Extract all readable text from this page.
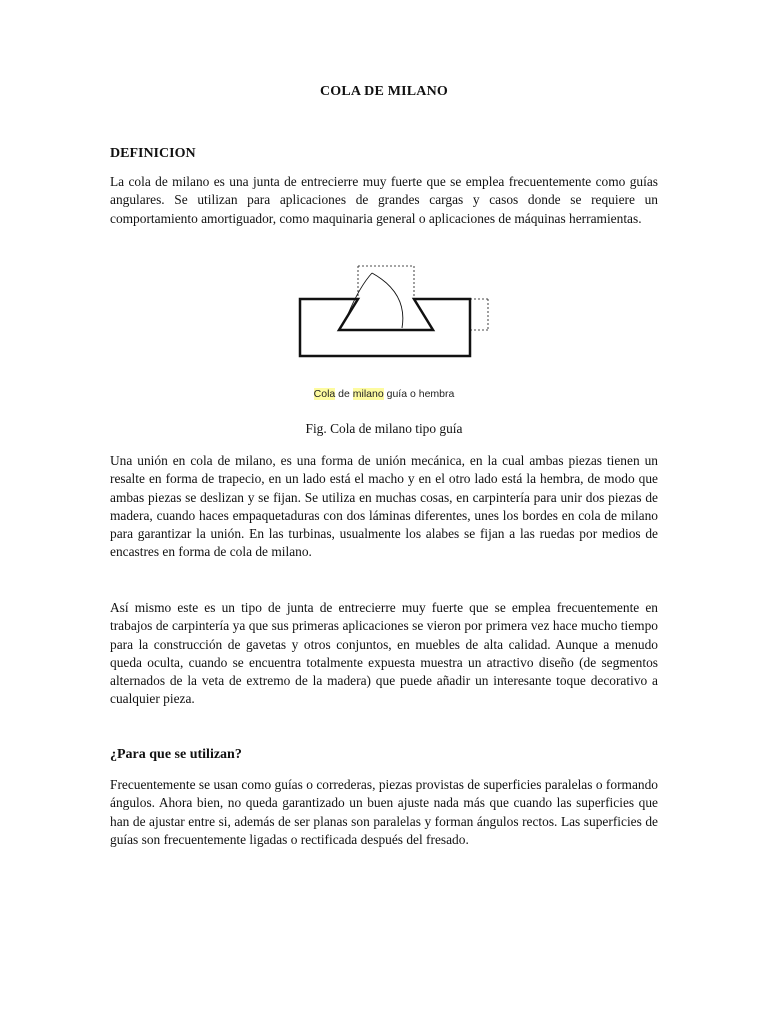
COLA DE MILANO
DEFINICION

La cola de milano es una junta de entrecierre muy fuerte que se emplea frecuentemente como guías angulares. Se utilizan para aplicaciones de grandes cargas y casos donde se requiere un comportamiento amortiguador, como maquinaria general o aplicaciones de máquinas herramientas.

Cola de milano guía o hembra
Fig. Cola de milano tipo guía

Una unión en cola de milano, es una forma de unión mecánica, en la cual ambas piezas tienen un resalte en forma de trapecio, en un lado está el macho y en el otro lado está la hembra, de modo que ambas piezas se deslizan y se fijan. Se utiliza en muchas cosas, en carpintería para unir dos piezas de madera, cuando haces empaquetaduras con dos láminas diferentes, unes los bordes en cola de milano para garantizar la unión. En las turbinas, usualmente los alabes se fijan a las ruedas por medios de encastres en forma de cola de milano.

Así mismo este es un tipo de junta de entrecierre muy fuerte que se emplea frecuentemente en trabajos de carpintería ya que sus primeras aplicaciones se vieron por primera vez hace mucho tiempo para la construcción de gavetas y otros conjuntos, en muebles de alta calidad. Aunque a menudo queda oculta, cuando se encuentra totalmente expuesta muestra un atractivo diseño (de segmentos alternados de la veta de extremo de la madera) que puede añadir un interesante toque decorativo a cualquier pieza.

¿Para que se utilizan?

Frecuentemente se usan como guías o correderas, piezas provistas de superficies paralelas o formando ángulos. Ahora bien, no queda garantizado un buen ajuste nada más que cuando las superficies que han de ajustar entre si, además de ser planas son paralelas y forman ángulos rectos. Las superficies de guías son frecuentemente ligadas o rectificada después del fresado.
